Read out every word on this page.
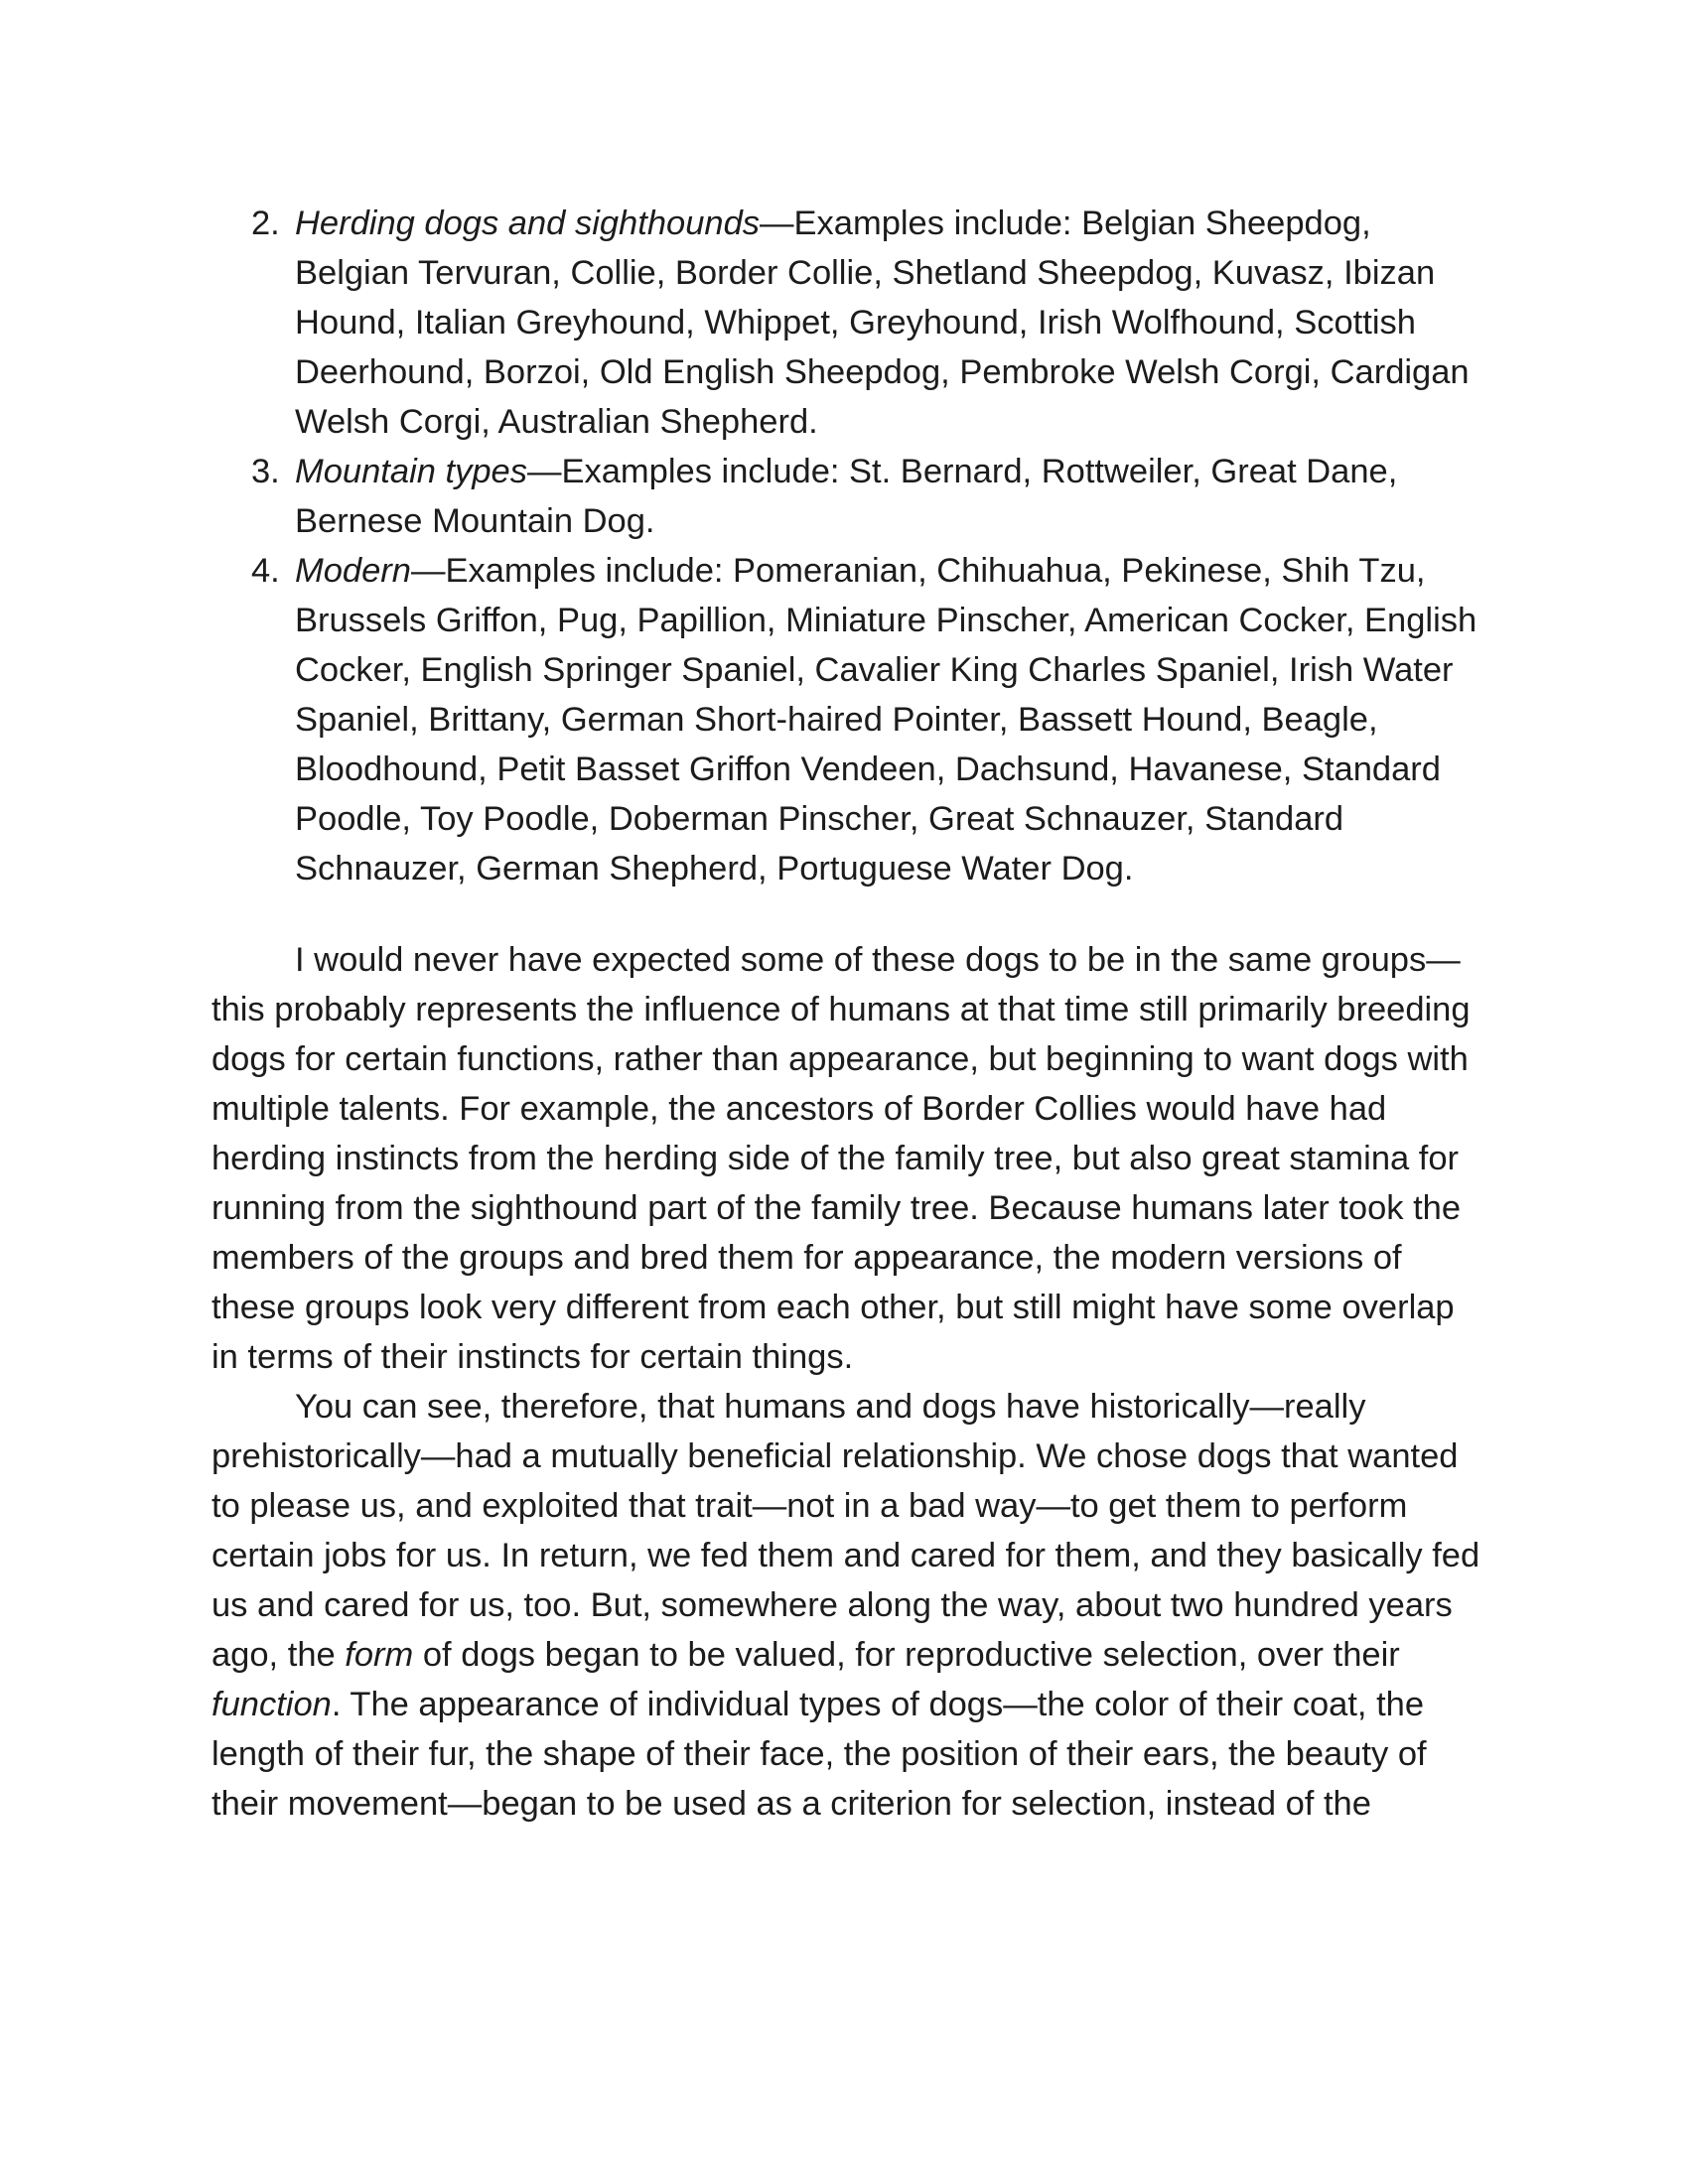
2. Herding dogs and sighthounds—Examples include: Belgian Sheepdog, Belgian Tervuran, Collie, Border Collie, Shetland Sheepdog, Kuvasz, Ibizan Hound, Italian Greyhound, Whippet, Greyhound, Irish Wolfhound, Scottish Deerhound, Borzoi, Old English Sheepdog, Pembroke Welsh Corgi, Cardigan Welsh Corgi, Australian Shepherd.
3. Mountain types—Examples include: St. Bernard, Rottweiler, Great Dane, Bernese Mountain Dog.
4. Modern—Examples include: Pomeranian, Chihuahua, Pekinese, Shih Tzu, Brussels Griffon, Pug, Papillion, Miniature Pinscher, American Cocker, English Cocker, English Springer Spaniel, Cavalier King Charles Spaniel, Irish Water Spaniel, Brittany, German Short-haired Pointer, Bassett Hound, Beagle, Bloodhound, Petit Basset Griffon Vendeen, Dachsund, Havanese, Standard Poodle, Toy Poodle, Doberman Pinscher, Great Schnauzer, Standard Schnauzer, German Shepherd, Portuguese Water Dog.

I would never have expected some of these dogs to be in the same groups—this probably represents the influence of humans at that time still primarily breeding dogs for certain functions, rather than appearance, but beginning to want dogs with multiple talents. For example, the ancestors of Border Collies would have had herding instincts from the herding side of the family tree, but also great stamina for running from the sighthound part of the family tree. Because humans later took the members of the groups and bred them for appearance, the modern versions of these groups look very different from each other, but still might have some overlap in terms of their instincts for certain things.

You can see, therefore, that humans and dogs have historically—really prehistorically—had a mutually beneficial relationship. We chose dogs that wanted to please us, and exploited that trait—not in a bad way—to get them to perform certain jobs for us. In return, we fed them and cared for them, and they basically fed us and cared for us, too. But, somewhere along the way, about two hundred years ago, the form of dogs began to be valued, for reproductive selection, over their function. The appearance of individual types of dogs—the color of their coat, the length of their fur, the shape of their face, the position of their ears, the beauty of their movement—began to be used as a criterion for selection, instead of the
